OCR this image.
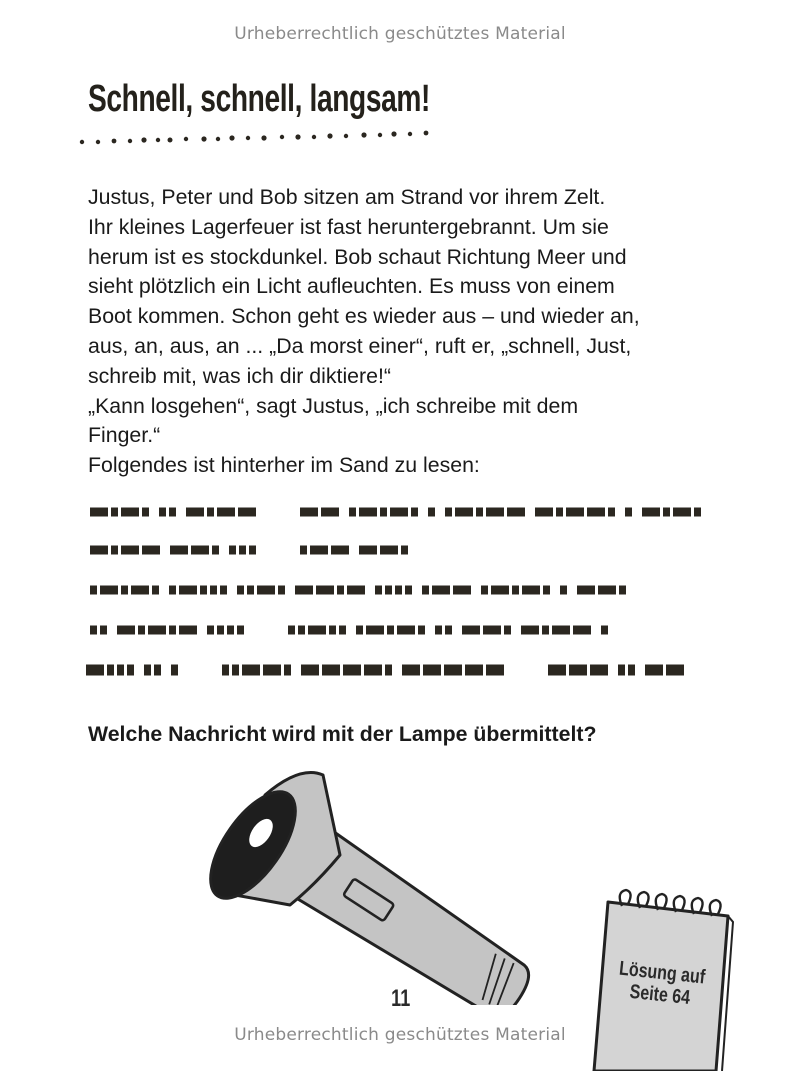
Urheberrechtlich geschütztes Material
Schnell, schnell, langsam!
Justus, Peter und Bob sitzen am Strand vor ihrem Zelt.
Ihr kleines Lagerfeuer ist fast heruntergebrannt. Um sie
herum ist es stockdunkel. Bob schaut Richtung Meer und
sieht plötzlich ein Licht aufleuchten. Es muss von einem
Boot kommen. Schon geht es wieder aus – und wieder an,
aus, an, aus, an ... „Da morst einer“, ruft er, „schnell, Just,
schreib mit, was ich dir diktiere!“
„Kann losgehen“, sagt Justus, „ich schreibe mit dem
Finger.“
Folgendes ist hinterher im Sand zu lesen:

Welche Nachricht wird mit der Lampe übermittelt?

11
Lösung auf
Seite 64
Urheberrechtlich geschütztes Material
